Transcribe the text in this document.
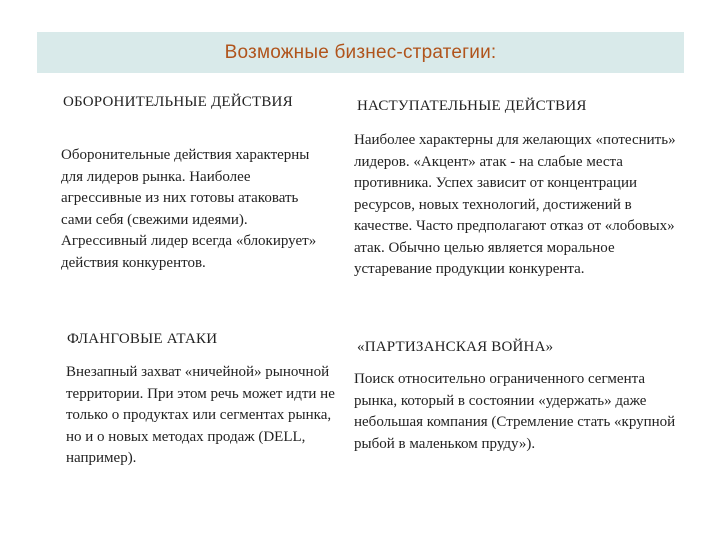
Возможные бизнес-стратегии:
ОБОРОНИТЕЛЬНЫЕ ДЕЙСТВИЯ
Оборонительные действия характерны для лидеров рынка. Наиболее агрессивные из них готовы атаковать сами себя (свежими идеями). Агрессивный лидер всегда «блокирует» действия конкурентов.
НАСТУПАТЕЛЬНЫЕ ДЕЙСТВИЯ
Наиболее характерны для желающих «потеснить» лидеров. «Акцент» атак - на слабые места противника. Успех зависит от концентрации ресурсов, новых технологий, достижений в качестве. Часто предполагают отказ от «лобовых» атак. Обычно целью является моральное устаревание продукции конкурента.
ФЛАНГОВЫЕ АТАКИ
Внезапный захват «ничейной» рыночной территории. При этом речь может идти не только о продуктах или сегментах рынка, но и о новых методах продаж (DELL, например).
«ПАРТИЗАНСКАЯ ВОЙНА»
Поиск относительно ограниченного сегмента рынка, который в состоянии «удержать» даже небольшая компания (Стремление стать «крупной рыбой в маленьком пруду»).
